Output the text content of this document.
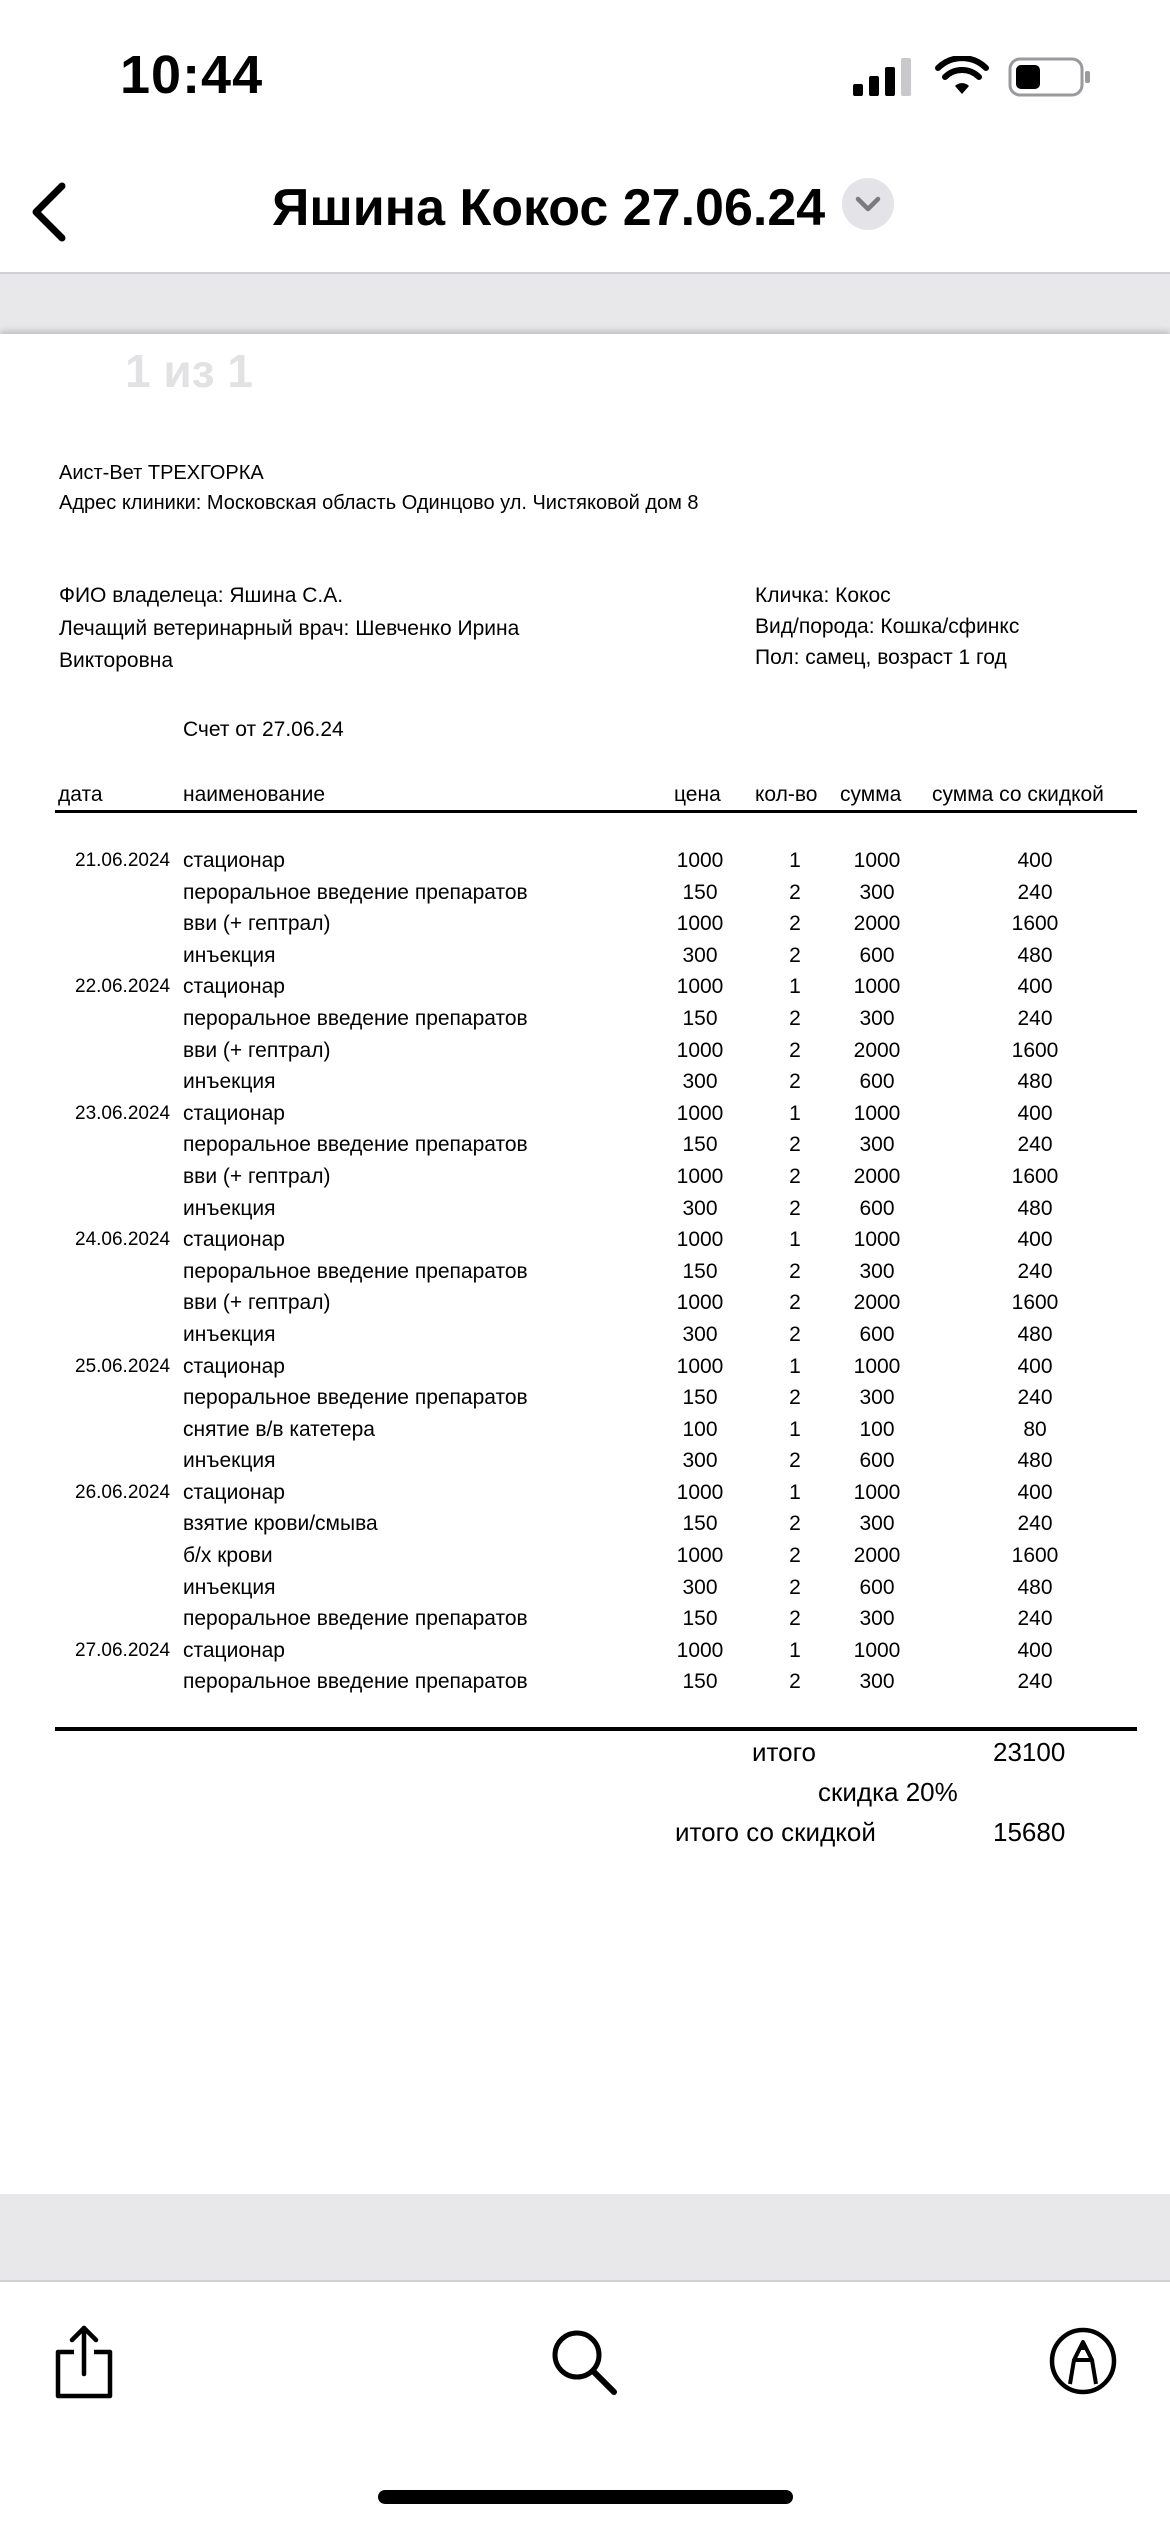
10:44
Яшина Кокос 27.06.24
1 из 1
Аист-Вет ТРЕХГОРКА
Адрес клиники: Московская область Одинцово ул. Чистяковой дом 8
ФИО владелеца: Яшина С.А.
Лечащий ветеринарный врач: Шевченко Ирина Викторовна
Кличка: Кокос
Вид/порода: Кошка/сфинкс
Пол: самец, возраст 1 год
Счет от 27.06.24
дата	наименование	цена кол-во сумма сумма со скидкой
21.06.2024 стационар	1000	1	1000	400
пероральное введение препаратов	150	2	300	240
вви (+ гептрал)	1000	2	2000	1600
инъекция	300	2	600	480
22.06.2024 стационар	1000	1	1000	400
пероральное введение препаратов	150	2	300	240
вви (+ гептрал)	1000	2	2000	1600
инъекция	300	2	600	480
23.06.2024 стационар	1000	1	1000	400
пероральное введение препаратов	150	2	300	240
вви (+ гептрал)	1000	2	2000	1600
инъекция	300	2	600	480
24.06.2024 стационар	1000	1	1000	400
пероральное введение препаратов	150	2	300	240
вви (+ гептрал)	1000	2	2000	1600
инъекция	300	2	600	480
25.06.2024 стационар	1000	1	1000	400
пероральное введение препаратов	150	2	300	240
снятие в/в катетера	100	1	100	80
инъекция	300	2	600	480
26.06.2024 стационар	1000	1	1000	400
взятие крови/смыва	150	2	300	240
б/х крови	1000	2	2000	1600
инъекция	300	2	600	480
пероральное введение препаратов	150	2	300	240
27.06.2024 стационар	1000	1	1000	400
пероральное введение препаратов	150	2	300	240
итого	23100
скидка 20%
итого со скидкой	15680
